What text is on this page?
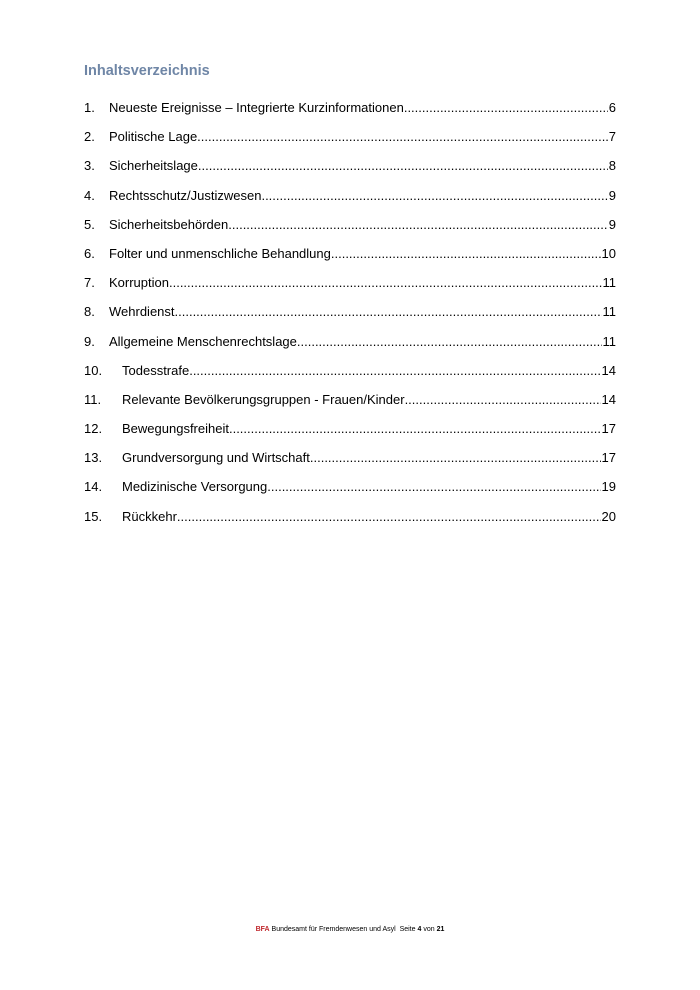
Inhaltsverzeichnis
1.	Neueste Ereignisse – Integrierte Kurzinformationen .....	6
2.	Politische Lage .....	7
3.	Sicherheitslage .....	8
4.	Rechtsschutz/Justizwesen .....	9
5.	Sicherheitsbehörden .....	9
6.	Folter und unmenschliche Behandlung .....	10
7.	Korruption .....	11
8.	Wehrdienst .....	11
9.	Allgemeine Menschenrechtslage .....	11
10.	Todesstrafe .....	14
11.	Relevante Bevölkerungsgruppen - Frauen/Kinder .....	14
12.	Bewegungsfreiheit .....	17
13.	Grundversorgung und Wirtschaft .....	17
14.	Medizinische Versorgung .....	19
15.	Rückkehr .....	20
BFA Bundesamt für Fremdenwesen und Asyl Seite 4 von 21
